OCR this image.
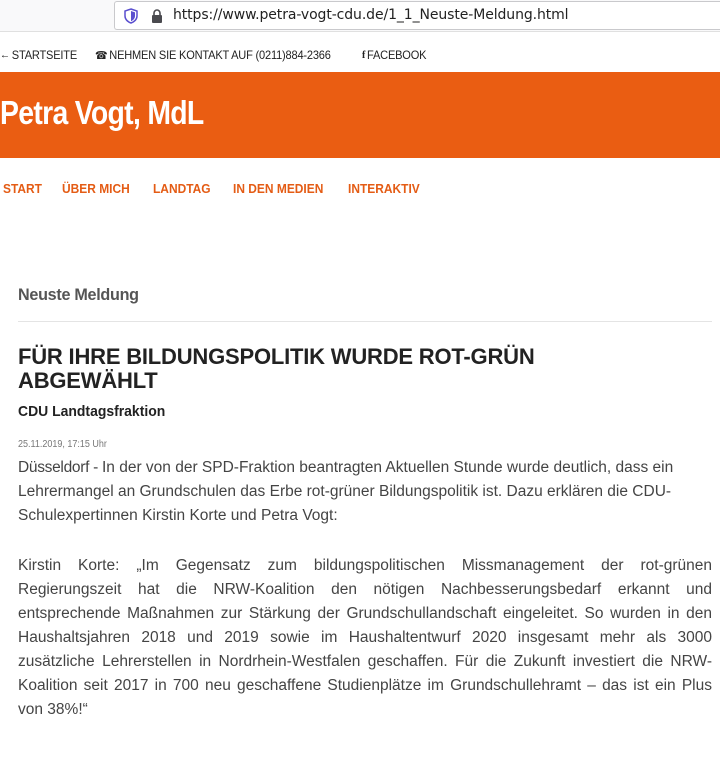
https://www.petra-vogt-cdu.de/1_1_Neuste-Meldung.html
← STARTSEITE ☎ NEHMEN SIE KONTAKT AUF (0211)884-2366	f FACEBOOK
Petra Vogt, MdL
START ÜBER MICH LANDTAG IN DEN MEDIEN INTERAKTIV
Neuste Meldung
FÜR IHRE BILDUNGSPOLITIK WURDE ROT-GRÜN ABGEWÄHLT
CDU Landtagsfraktion
25.11.2019, 17:15 Uhr

Düsseldorf - In der von der SPD-Fraktion beantragten Aktuellen Stunde wurde deutlich, dass ein Lehrermangel an Grundschulen das Erbe rot-grüner Bildungspolitik ist. Dazu erklären die CDU-Schulexpertinnen Kirstin Korte und Petra Vogt:

Kirstin Korte: „Im Gegensatz zum bildungspolitischen Missmanagement der rot-grünen Regierungszeit hat die NRW-Koalition den nötigen Nachbesserungsbedarf erkannt und entsprechende Maßnahmen zur Stärkung der Grundschullandschaft eingeleitet. So wurden in den Haushaltsjahren 2018 und 2019 sowie im Haushaltentwurf 2020 insgesamt mehr als 3000 zusätzliche Lehrerstellen in Nordrhein-Westfalen geschaffen. Für die Zukunft investiert die NRW-Koalition seit 2017 in 700 neu geschaffene Studienplätze im Grundschullehramt – das ist ein Plus von 38%!“
